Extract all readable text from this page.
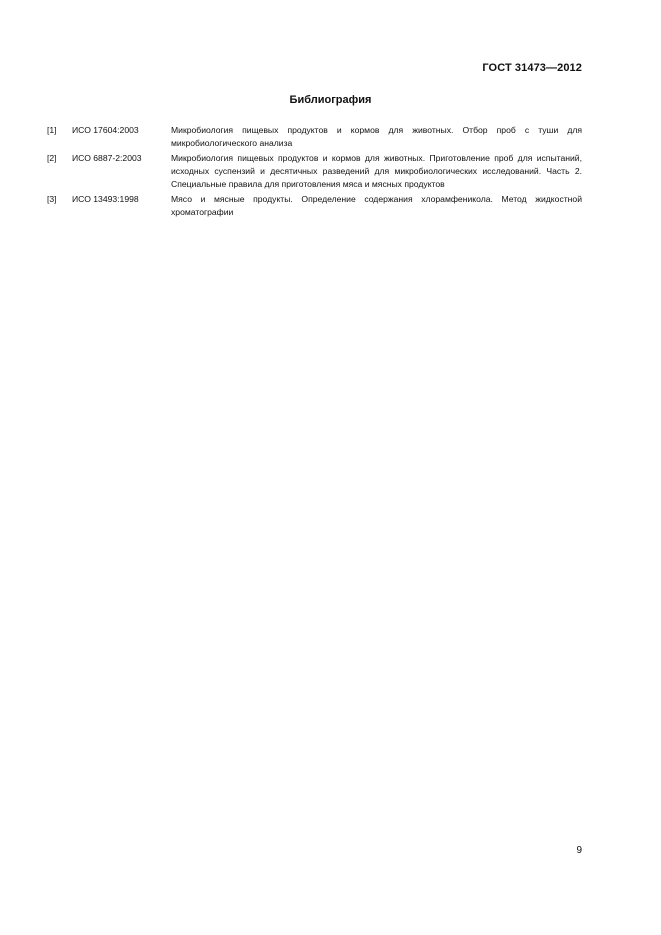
ГОСТ 31473—2012
Библиография
[1]	ИСО 17604:2003	Микробиология пищевых продуктов и кормов для животных. Отбор проб с туши для микробиологического анализа
[2]	ИСО 6887-2:2003	Микробиология пищевых продуктов и кормов для животных. Приготовление проб для испытаний, исходных суспензий и десятичных разведений для микробиологических исследований. Часть 2. Специальные правила для приготовления мяса и мясных продуктов
[3]	ИСО 13493:1998	Мясо и мясные продукты. Определение содержания хлорамфеникола. Метод жидкостной хроматографии
9
